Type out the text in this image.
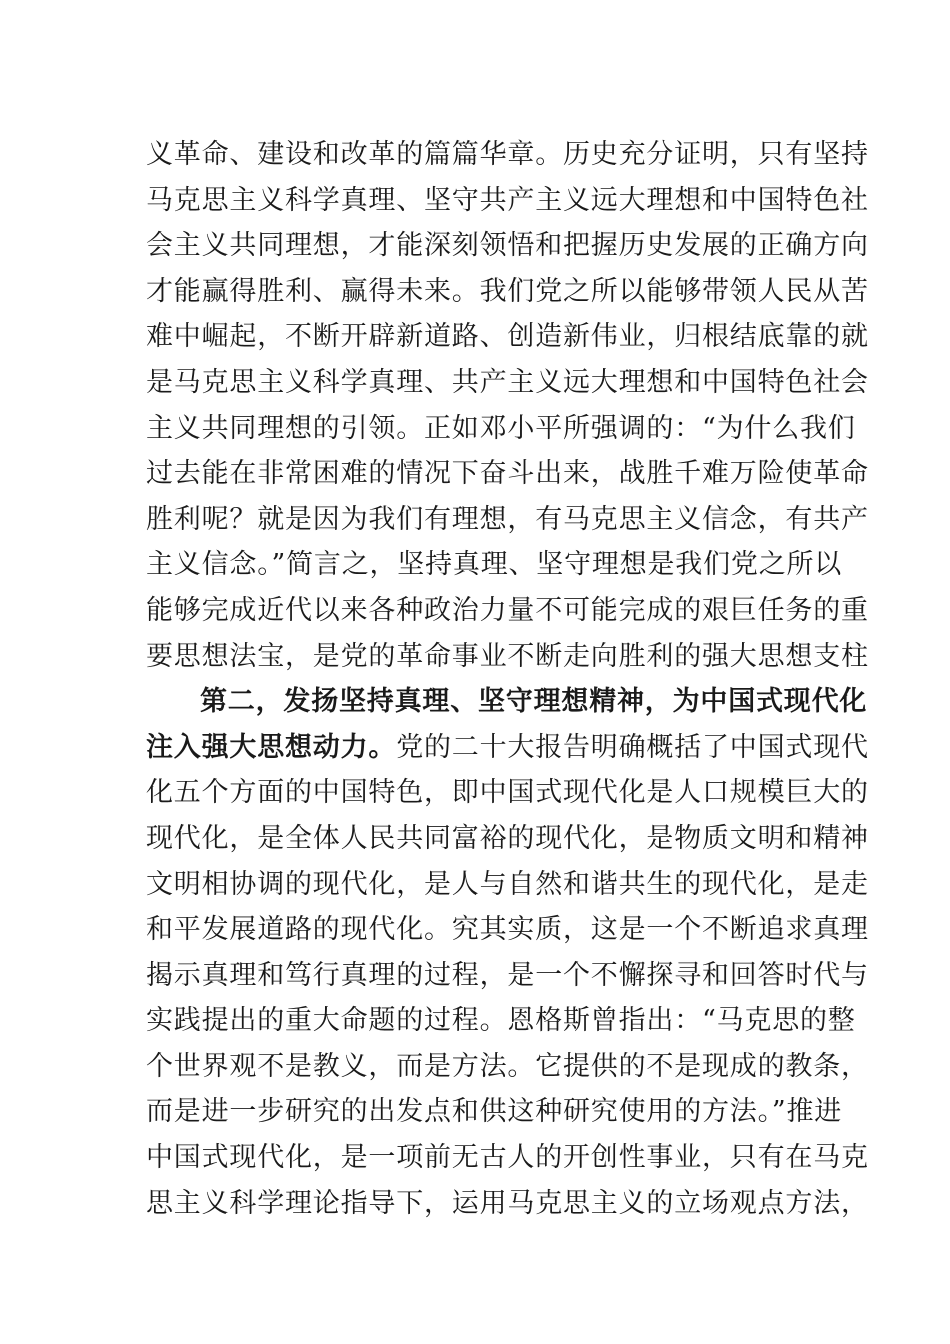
义革命、建设和改革的篇篇华章。历史充分证明，只有坚持
马克思主义科学真理、坚守共产主义远大理想和中国特色社
会主义共同理想，才能深刻领悟和把握历史发展的正确方向
才能赢得胜利、赢得未来。我们党之所以能够带领人民从苦
难中崛起，不断开辟新道路、创造新伟业，归根结底靠的就
是马克思主义科学真理、共产主义远大理想和中国特色社会
主义共同理想的引领。正如邓小平所强调的：“为什么我们
过去能在非常困难的情况下奋斗出来，战胜千难万险使革命
胜利呢？就是因为我们有理想，有马克思主义信念，有共产
主义信念。”简言之，坚持真理、坚守理想是我们党之所以
能够完成近代以来各种政治力量不可能完成的艰巨任务的重
要思想法宝，是党的革命事业不断走向胜利的强大思想支柱
第二，发扬坚持真理、坚守理想精神，为中国式现代化
注入强大思想动力。党的二十大报告明确概括了中国式现代
化五个方面的中国特色，即中国式现代化是人口规模巨大的
现代化，是全体人民共同富裕的现代化，是物质文明和精神
文明相协调的现代化，是人与自然和谐共生的现代化，是走
和平发展道路的现代化。究其实质，这是一个不断追求真理
揭示真理和笃行真理的过程，是一个不懈探寻和回答时代与
实践提出的重大命题的过程。恩格斯曾指出：“马克思的整
个世界观不是教义，而是方法。它提供的不是现成的教条，
而是进一步研究的出发点和供这种研究使用的方法。”推进
中国式现代化，是一项前无古人的开创性事业，只有在马克
思主义科学理论指导下，运用马克思主义的立场观点方法，
